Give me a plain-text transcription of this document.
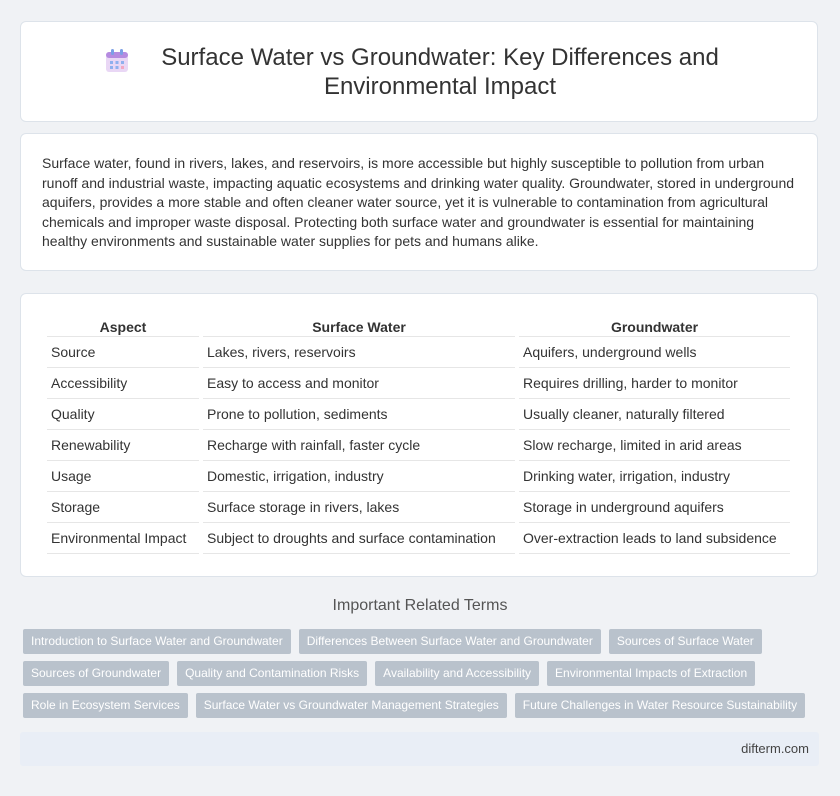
Surface Water vs Groundwater: Key Differences and Environmental Impact

Surface water, found in rivers, lakes, and reservoirs, is more accessible but highly susceptible to pollution from urban runoff and industrial waste, impacting aquatic ecosystems and drinking water quality. Groundwater, stored in underground aquifers, provides a more stable and often cleaner water source, yet it is vulnerable to contamination from agricultural chemicals and improper waste disposal. Protecting both surface water and groundwater is essential for maintaining healthy environments and sustainable water supplies for pets and humans alike.

Aspect	Surface Water	Groundwater
Source	Lakes, rivers, reservoirs	Aquifers, underground wells
Accessibility	Easy to access and monitor	Requires drilling, harder to monitor
Quality	Prone to pollution, sediments	Usually cleaner, naturally filtered
Renewability	Recharge with rainfall, faster cycle	Slow recharge, limited in arid areas
Usage	Domestic, irrigation, industry	Drinking water, irrigation, industry
Storage	Surface storage in rivers, lakes	Storage in underground aquifers
Environmental Impact	Subject to droughts and surface contamination	Over-extraction leads to land subsidence
Important Related Terms
Introduction to Surface Water and Groundwater	Differences Between Surface Water and Groundwater	Sources of Surface Water
Sources of Groundwater	Quality and Contamination Risks	Availability and Accessibility	Environmental Impacts of Extraction
Role in Ecosystem Services	Surface Water vs Groundwater Management Strategies	Future Challenges in Water Resource Sustainability
difterm.com
